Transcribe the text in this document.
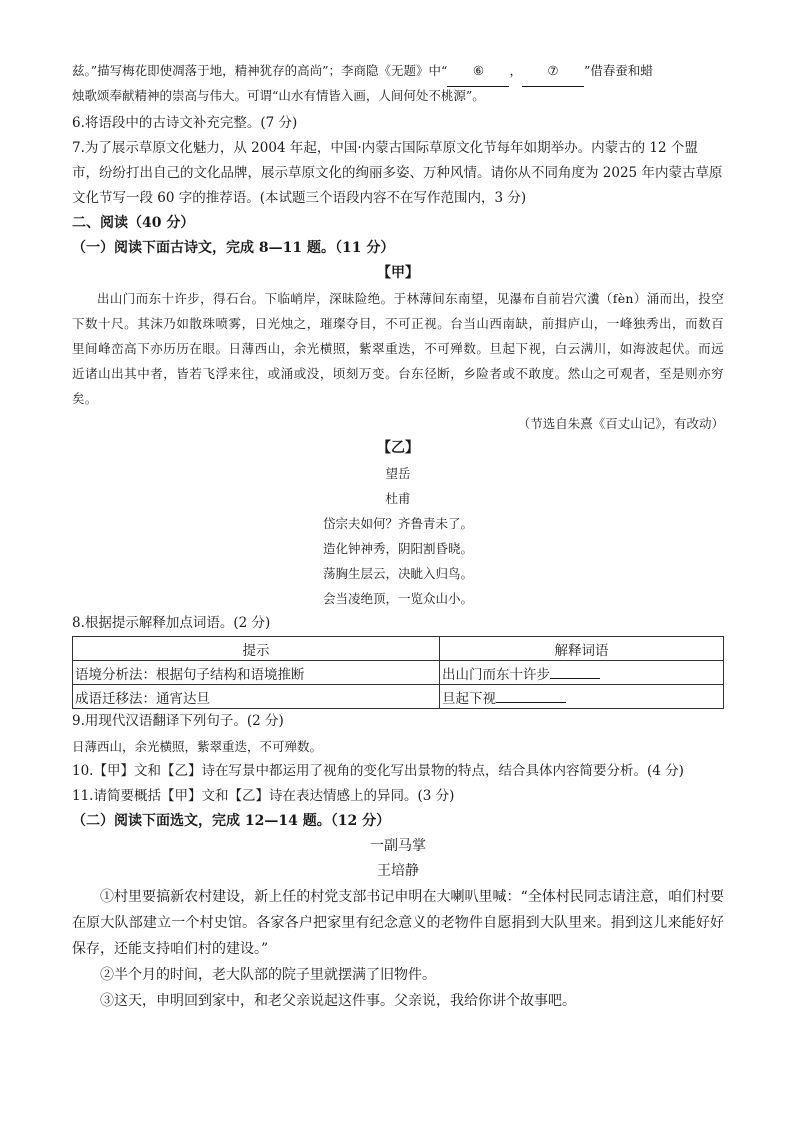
兹。”描写梅花即使凋落于地，精神犹存的高尚”；李商隐《无题》中“ ⑥ ， ⑦ ”借春蚕和蜡
烛歌颂奉献精神的崇高与伟大。可谓“山水有情皆入画，人间何处不桃源”。
6.将语段中的古诗文补充完整。(7 分)
7.为了展示草原文化魅力，从 2004 年起，中国·内蒙古国际草原文化节每年如期举办。内蒙古的 12 个盟市，纷纷打出自己的文化品牌，展示草原文化的绚丽多姿、万种风情。请你从不同角度为 2025 年内蒙古草原文化节写一段 60 字的推荐语。(本试题三个语段内容不在写作范围内，3 分)
二、阅读（40 分）
（一）阅读下面古诗文，完成 8—11 题。（11 分）
【甲】
出山门而东十许步，得石台。下临峭岸，深昧险绝。于林薄间东南望，见瀑布自前岩穴瀵（fèn）涌而出，投空下数十尺。其沫乃如散珠喷雾，日光烛之，璀璨夺目，不可正视。台当山西南缺，前揖庐山，一峰独秀出，而数百里间峰峦高下亦历历在眼。日薄西山，余光横照，紫翠重迭，不可殚数。旦起下视，白云满川，如海波起伏。而远近诸山出其中者，皆若飞浮来往，或涌或没，顷刻万变。台东径断，乡险者或不敢度。然山之可观者，至是则亦穷矣。
（节选自朱熹《百丈山记》，有改动）
【乙】
望岳
杜甫
岱宗夫如何？齐鲁青未了。
造化钟神秀，阴阳割昏晓。
荡胸生层云，决眦入归鸟。
会当凌绝顶，一览众山小。
8.根据提示解释加点词语。(2 分)
提示	解释词语
语境分析法：根据句子结构和语境推断	出山门而东十许步
成语迁移法：通宵达旦	旦起下视
9.用现代汉语翻译下列句子。(2 分)
日薄西山，余光横照，紫翠重迭，不可殚数。
10.【甲】文和【乙】诗在写景中都运用了视角的变化写出景物的特点，结合具体内容简要分析。(4 分)
11.请简要概括【甲】文和【乙】诗在表达情感上的异同。(3 分)
（二）阅读下面选文，完成 12—14 题。（12 分）
一副马掌
王培静
①村里要搞新农村建设，新上任的村党支部书记申明在大喇叭里喊：“全体村民同志请注意，咱们村要在原大队部建立一个村史馆。各家各户把家里有纪念意义的老物件自愿捐到大队里来。捐到这儿来能好好保存，还能支持咱们村的建设。”
②半个月的时间，老大队部的院子里就摆满了旧物件。
③这天，申明回到家中，和老父亲说起这件事。父亲说，我给你讲个故事吧。
